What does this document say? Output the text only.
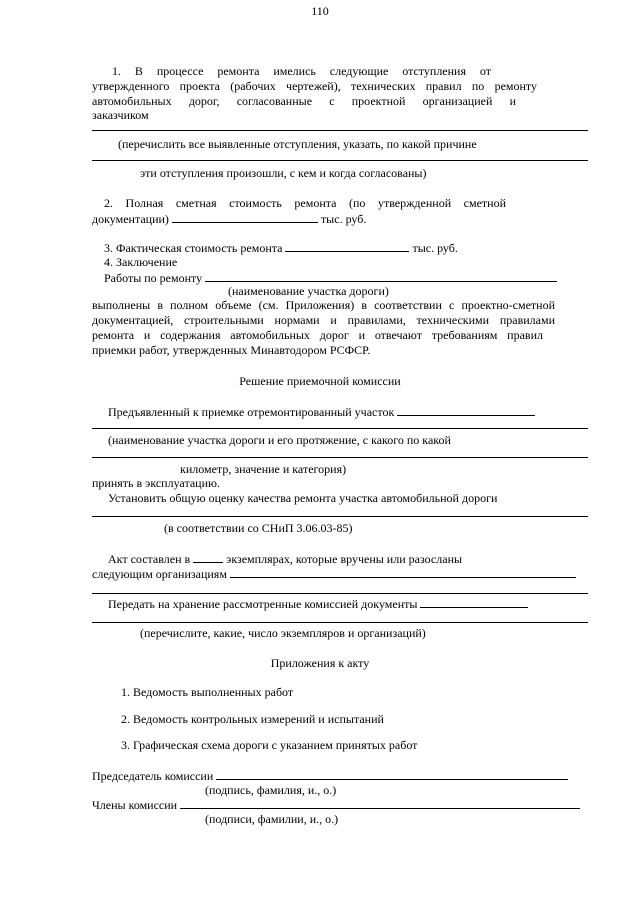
110
1. В процессе ремонта имелись следующие отступления от
утвержденного проекта (рабочих чертежей), технических правил по ремонту
автомобильных дорог, согласованные с проектной организацией и
заказчиком
(перечислить все выявленные отступления, указать, по какой причине
эти отступления произошли, с кем и когда согласованы)
2. Полная сметная стоимость ремонта (по утвержденной сметной
документации)	тыс. руб.
3. Фактическая стоимость ремонта	тыс. руб.
4. Заключение
Работы по ремонту
(наименование участка дороги)
выполнены в полном объеме (см. Приложения) в соответствии с проектно-сметной
документацией, строительными нормами и правилами, техническими правилами
ремонта и содержания автомобильных дорог и отвечают требованиям правил
приемки работ, утвержденных Минавтодором РСФСР.
Решение приемочной комиссии
Предъявленный к приемке отремонтированный участок
(наименование участка дороги и его протяжение, с какого по какой
километр, значение и категория)
принять в эксплуатацию.
Установить общую оценку качества ремонта участка автомобильной дороги
(в соответствии со СНиП 3.06.03-85)
Акт составлен в	экземплярах, которые вручены или разосланы
следующим организациям
Передать на хранение рассмотренные комиссией документы
(перечислите, какие, число экземпляров и организаций)
Приложения к акту
1. Ведомость выполненных работ
2. Ведомость контрольных измерений и испытаний
3. Графическая схема дороги с указанием принятых работ
Председатель комиссии
(подпись, фамилия, и., о.)
Члены комиссии
(подписи, фамилии, и., о.)
